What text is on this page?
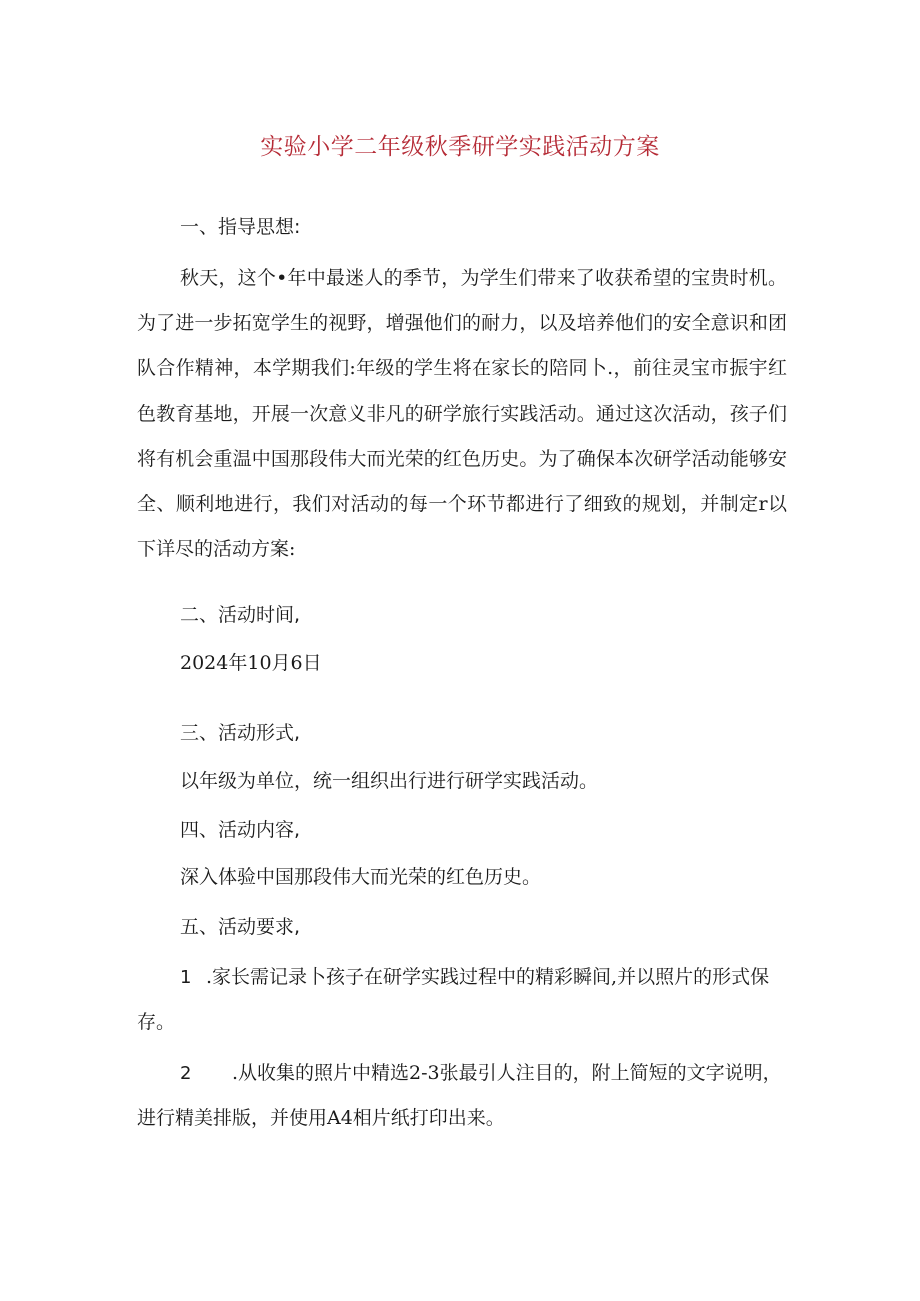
实验小学二年级秋季研学实践活动方案
一、指导思想:

秋天，这个•年中最迷人的季节，为学生们带来了收获希望的宝贵时机。为了进一步拓宽学生的视野，增强他们的耐力，以及培养他们的安全意识和团队合作精神，本学期我们:年级的学生将在家长的陪同卜.，前往灵宝市振宇红色教育基地，开展一次意义非凡的研学旅行实践活动。通过这次活动，孩子们将有机会重温中国那段伟大而光荣的红色历史。为了确保本次研学活动能够安全、顺利地进行，我们对活动的每一个环节都进行了细致的规划，并制定r以下详尽的活动方案:

二、活动时间,

2024年10月6日

三、活动形式,

以年级为单位，统一组织出行进行研学实践活动。

四、活动内容,

深入体验中国那段伟大而光荣的红色历史。

五、活动要求,

1 .家长需记录卜孩子在研学实践过程中的精彩瞬间,并以照片的形式保存。

2 .从收集的照片中精选2-3张最引人注目的，附上简短的文字说明，进行精美排版，并使用A4相片纸打印出来。
